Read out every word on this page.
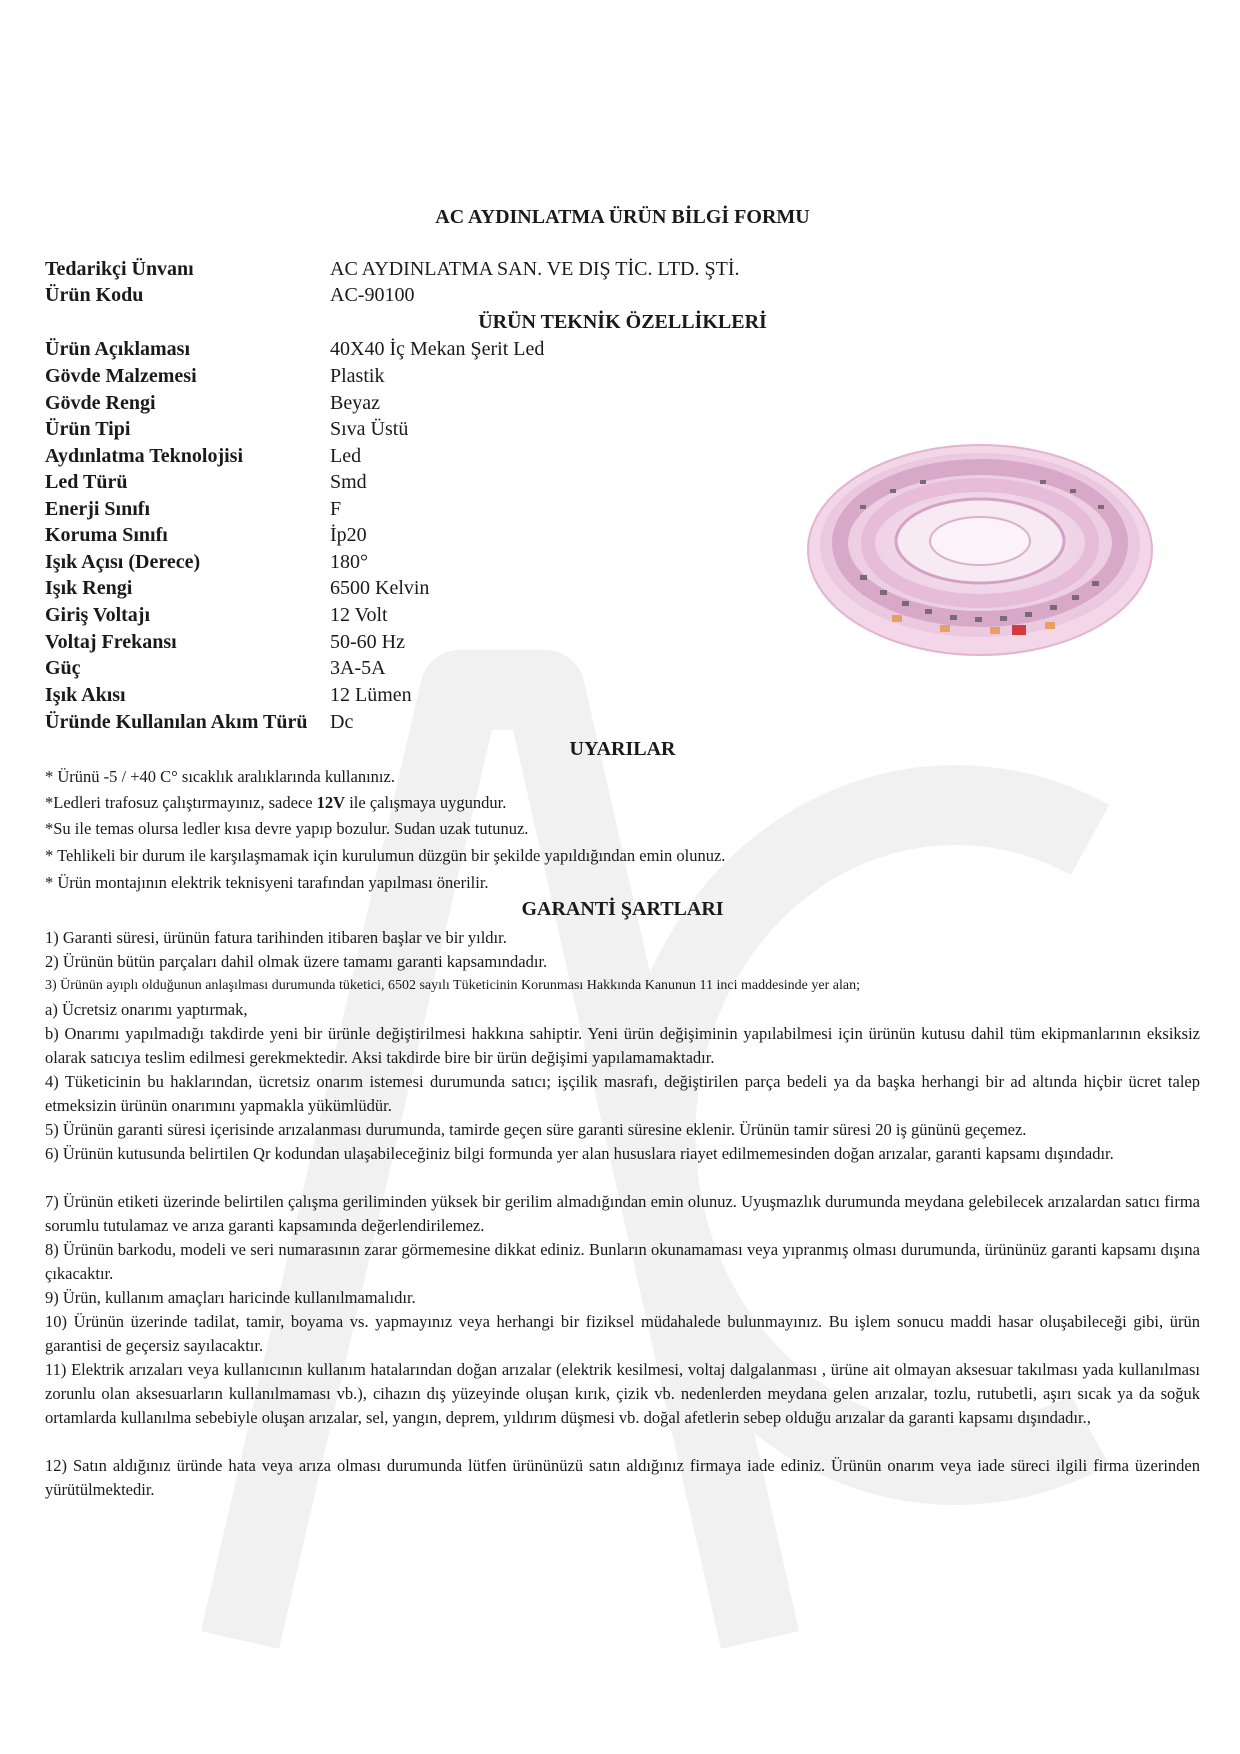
AC AYDINLATMA ÜRÜN BİLGİ FORMU
Tedarikçi Ünvanı	AC AYDINLATMA SAN. VE DIŞ TİC. LTD. ŞTİ.
Ürün Kodu	AC-90100
ÜRÜN TEKNİK ÖZELLİKLERİ
Ürün Açıklaması	40X40 İç Mekan Şerit Led
Gövde Malzemesi	Plastik
Gövde Rengi	Beyaz
Ürün Tipi	Sıva Üstü
Aydınlatma Teknolojisi	Led
Led Türü	Smd
Enerji Sınıfı	F
Koruma Sınıfı	İp20
Işık Açısı (Derece)	180°
Işık Rengi	6500 Kelvin
Giriş Voltajı	12 Volt
Voltaj Frekansı	50-60 Hz
Güç	3A-5A
Işık Akısı	12 Lümen
Üründe Kullanılan Akım Türü	Dc
UYARILAR
* Ürünü -5 / +40 C° sıcaklık aralıklarında kullanınız.
*Ledleri trafosuz çalıştırmayınız, sadece 12V ile çalışmaya uygundur.
*Su ile temas olursa ledler kısa devre yapıp bozulur. Sudan uzak tutunuz.
* Tehlikeli bir durum ile karşılaşmamak için kurulumun düzgün bir şekilde yapıldığından emin olunuz.
* Ürün montajının elektrik teknisyeni tarafından yapılması önerilir.
GARANTİ ŞARTLARI
1) Garanti süresi, ürünün fatura tarihinden itibaren başlar ve bir yıldır.
2) Ürünün bütün parçaları dahil olmak üzere tamamı garanti kapsamındadır.
3) Ürünün ayıplı olduğunun anlaşılması durumunda tüketici, 6502 sayılı Tüketicinin Korunması Hakkında Kanunun 11 inci maddesinde yer alan;
a) Ücretsiz onarımı yaptırmak,
b) Onarımı yapılmadığı takdirde yeni bir ürünle değiştirilmesi hakkına sahiptir. Yeni ürün değişiminin yapılabilmesi için ürünün kutusu dahil tüm ekipmanlarının eksiksiz olarak satıcıya teslim edilmesi gerekmektedir. Aksi takdirde bire bir ürün değişimi yapılamamaktadır.
4) Tüketicinin bu haklarından, ücretsiz onarım istemesi durumunda satıcı; işçilik masrafı, değiştirilen parça bedeli ya da başka herhangi bir ad altında hiçbir ücret talep etmeksizin ürünün onarımını yapmakla yükümlüdür.
5) Ürünün garanti süresi içerisinde arızalanması durumunda, tamirde geçen süre garanti süresine eklenir. Ürünün tamir süresi 20 iş gününü geçemez.
6) Ürünün kutusunda belirtilen Qr kodundan ulaşabileceğiniz bilgi formunda yer alan hususlara riayet edilmemesinden doğan arızalar, garanti kapsamı dışındadır.
7) Ürünün etiketi üzerinde belirtilen çalışma geriliminden yüksek bir gerilim almadığından emin olunuz. Uyuşmazlık durumunda meydana gelebilecek arızalardan satıcı firma sorumlu tutulamaz ve arıza garanti kapsamında değerlendirilemez.
8) Ürünün barkodu, modeli ve seri numarasının zarar görmemesine dikkat ediniz. Bunların okunamaması veya yıpranmış olması durumunda, ürününüz garanti kapsamı dışına çıkacaktır.
9) Ürün, kullanım amaçları haricinde kullanılmamalıdır.
10) Ürünün üzerinde tadilat, tamir, boyama vs. yapmayınız veya herhangi bir fiziksel müdahalede bulunmayınız. Bu işlem sonucu maddi hasar oluşabileceği gibi, ürün garantisi de geçersiz sayılacaktır.
11) Elektrik arızaları veya kullanıcının kullanım hatalarından doğan arızalar (elektrik kesilmesi, voltaj dalgalanması , ürüne ait olmayan aksesuar takılması yada kullanılması zorunlu olan aksesuarların kullanılmaması vb.), cihazın dış yüzeyinde oluşan kırık, çizik vb. nedenlerden meydana gelen arızalar, tozlu, rutubetli, aşırı sıcak ya da soğuk ortamlarda kullanılma sebebiyle oluşan arızalar, sel, yangın, deprem, yıldırım düşmesi vb. doğal afetlerin sebep olduğu arızalar da garanti kapsamı dışındadır.,
12) Satın aldığınız üründe hata veya arıza olması durumunda lütfen ürününüzü satın aldığınız firmaya iade ediniz. Ürünün onarım veya iade süreci ilgili firma üzerinden yürütülmektedir.
